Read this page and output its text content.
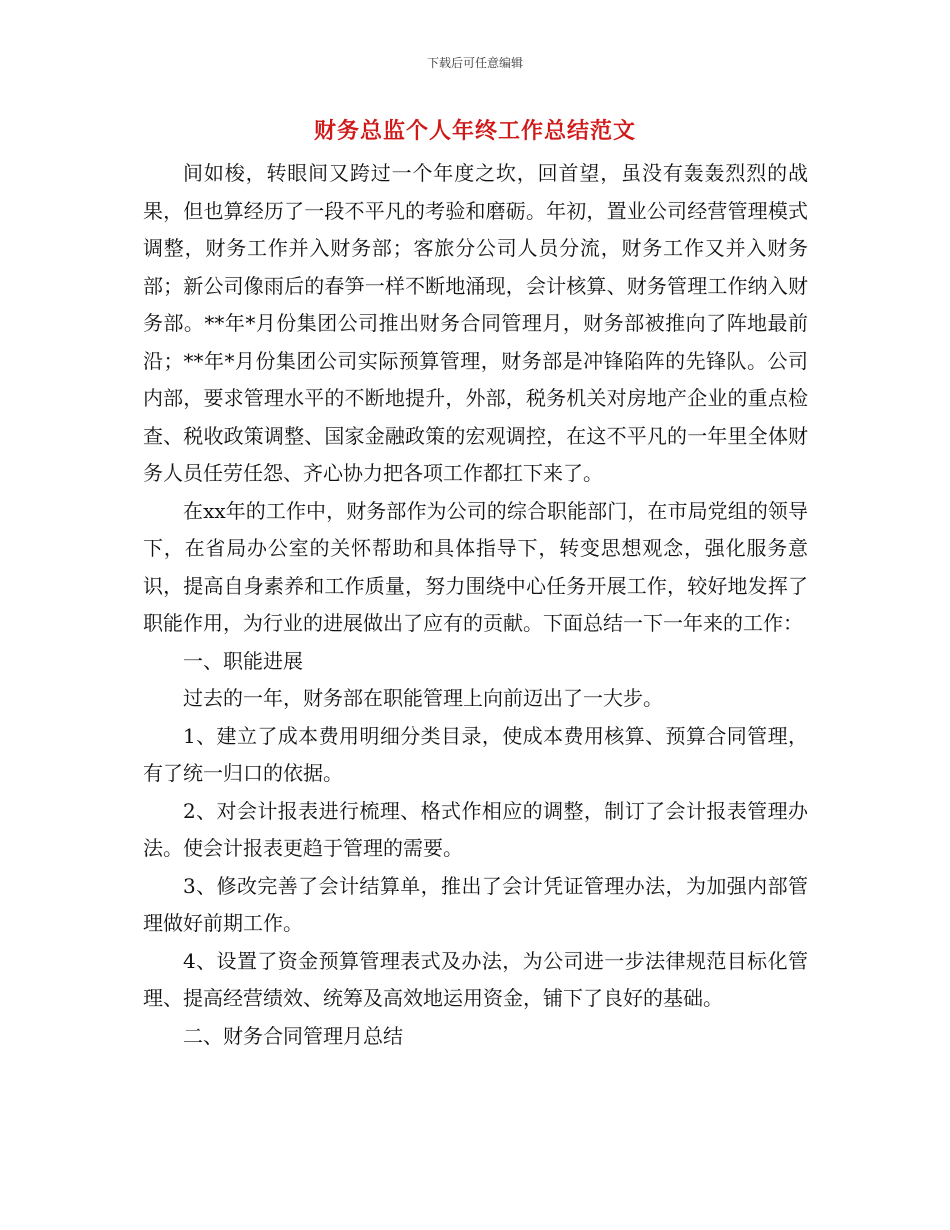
下载后可任意编辑
财务总监个人年终工作总结范文

间如梭，转眼间又跨过一个年度之坎，回首望，虽没有轰轰烈烈的战果，但也算经历了一段不平凡的考验和磨砺。年初，置业公司经营管理模式调整，财务工作并入财务部；客旅分公司人员分流，财务工作又并入财务部；新公司像雨后的春笋一样不断地涌现，会计核算、财务管理工作纳入财务部。**年*月份集团公司推出财务合同管理月，财务部被推向了阵地最前沿；**年*月份集团公司实际预算管理，财务部是冲锋陷阵的先锋队。公司内部，要求管理水平的不断地提升，外部，税务机关对房地产企业的重点检查、税收政策调整、国家金融政策的宏观调控，在这不平凡的一年里全体财务人员任劳任怨、齐心协力把各项工作都扛下来了。

在xx年的工作中，财务部作为公司的综合职能部门，在市局党组的领导下，在省局办公室的关怀帮助和具体指导下，转变思想观念，强化服务意识，提高自身素养和工作质量，努力围绕中心任务开展工作，较好地发挥了职能作用，为行业的进展做出了应有的贡献。下面总结一下一年来的工作：

一、职能进展

过去的一年，财务部在职能管理上向前迈出了一大步。

1、建立了成本费用明细分类目录，使成本费用核算、预算合同管理，有了统一归口的依据。

2、对会计报表进行梳理、格式作相应的调整，制订了会计报表管理办法。使会计报表更趋于管理的需要。

3、修改完善了会计结算单，推出了会计凭证管理办法，为加强内部管理做好前期工作。

4、设置了资金预算管理表式及办法，为公司进一步法律规范目标化管理、提高经营绩效、统筹及高效地运用资金，铺下了良好的基础。

二、财务合同管理月总结
